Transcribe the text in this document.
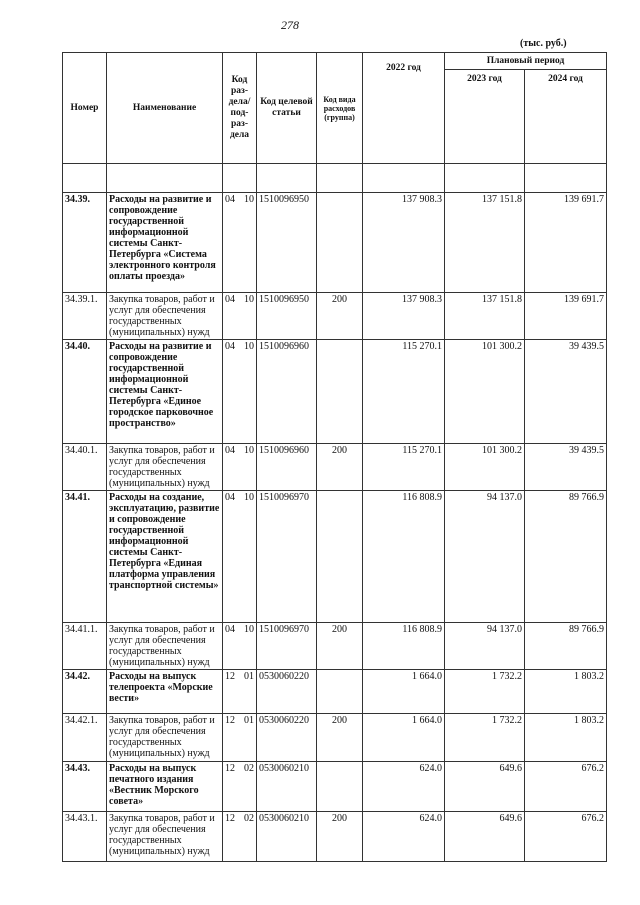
278
(тыс. руб.)
Номер	Наименование	Код раз-дела/ под-раз-дела	Код целевой статьи	Код вида расходов (группа)	2022 год	Плановый период	
						2023 год	2024 год

34.39.	Расходы на развитие и сопровождение государственной информационной системы Санкт-Петербурга «Система электронного контроля оплаты проезда»	04 10	1510096950		137 908.3	137 151.8	139 691.7
34.39.1.	Закупка товаров, работ и услуг для обеспечения государственных (муниципальных) нужд	04 10	1510096950	200	137 908.3	137 151.8	139 691.7
34.40.	Расходы на развитие и сопровождение государственной информационной системы Санкт-Петербурга «Единое городское парковочное пространство»	04 10	1510096960		115 270.1	101 300.2	39 439.5
34.40.1.	Закупка товаров, работ и услуг для обеспечения государственных (муниципальных) нужд	04 10	1510096960	200	115 270.1	101 300.2	39 439.5
34.41.	Расходы на создание, эксплуатацию, развитие и сопровождение государственной информационной системы Санкт-Петербурга «Единая платформа управления транспортной системы»	04 10	1510096970		116 808.9	94 137.0	89 766.9
34.41.1.	Закупка товаров, работ и услуг для обеспечения государственных (муниципальных) нужд	04 10	1510096970	200	116 808.9	94 137.0	89 766.9
34.42.	Расходы на выпуск телепроекта «Морские вести»	12 01	0530060220		1 664.0	1 732.2	1 803.2
34.42.1.	Закупка товаров, работ и услуг для обеспечения государственных (муниципальных) нужд	12 01	0530060220	200	1 664.0	1 732.2	1 803.2
34.43.	Расходы на выпуск печатного издания «Вестник Морского совета»	12 02	0530060210		624.0	649.6	676.2
34.43.1.	Закупка товаров, работ и услуг для обеспечения государственных (муниципальных) нужд	12 02	0530060210	200	624.0	649.6	676.2
